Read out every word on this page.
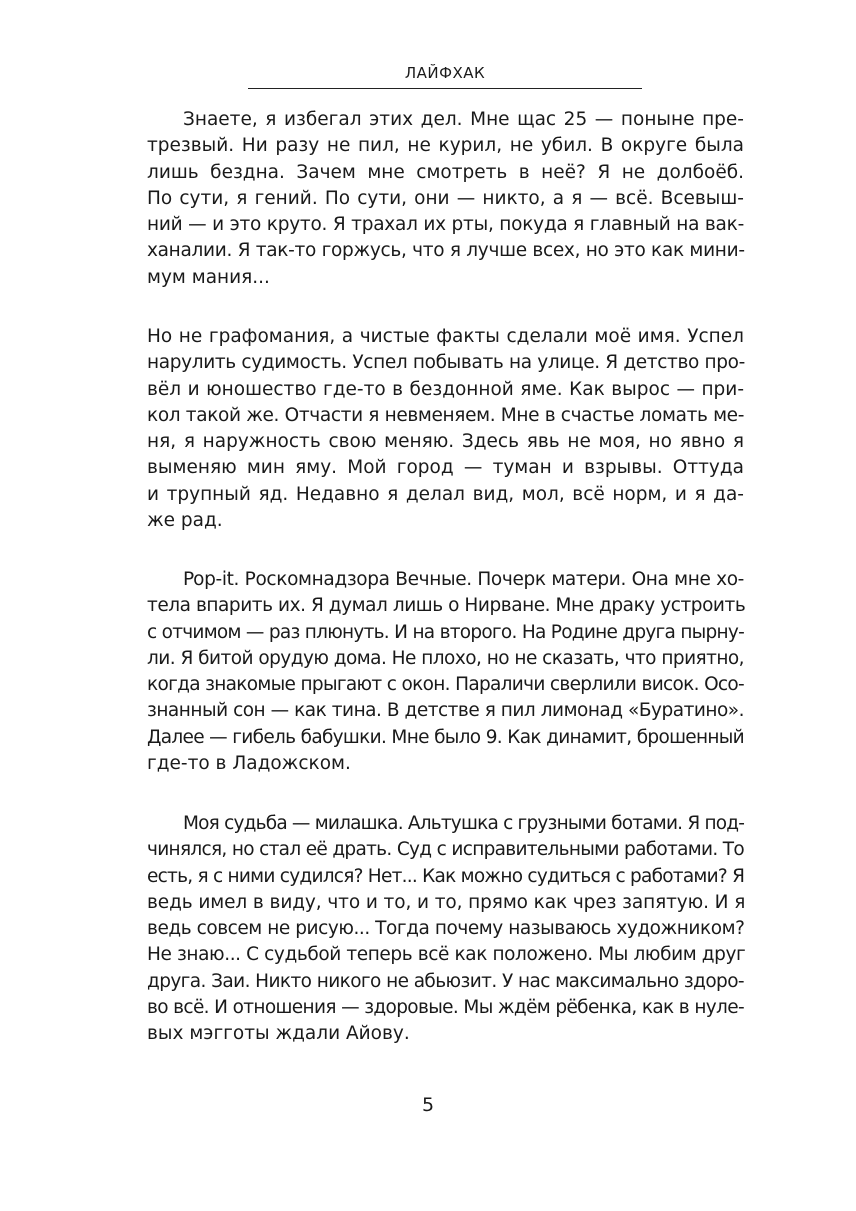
ЛАЙФХАК
Знаете, я избегал этих дел. Мне щас 25 — поныне пре-
трезвый. Ни разу не пил, не курил, не убил. В округе была
лишь бездна. Зачем мне смотреть в неё? Я не долбоёб.
По сути, я гений. По сути, они — никто, а я — всё. Всевыш-
ний — и это круто. Я трахал их рты, покуда я главный на вак-
ханалии. Я так-то горжусь, что я лучше всех, но это как мини-
мум мания...
Но не графомания, а чистые факты сделали моё имя. Успел
нарулить судимость. Успел побывать на улице. Я детство про-
вёл и юношество где-то в бездонной яме. Как вырос — при-
кол такой же. Отчасти я невменяем. Мне в счастье ломать ме-
ня, я наружность свою меняю. Здесь явь не моя, но явно я
выменяю мин яму. Мой город — туман и взрывы. Оттуда
и трупный яд. Недавно я делал вид, мол, всё норм, и я да-
же рад.
Pop-it. Роскомнадзора Вечные. Почерк матери. Она мне хо-
тела впарить их. Я думал лишь о Нирване. Мне драку устроить
с отчимом — раз плюнуть. И на второго. На Родине друга пырну-
ли. Я битой орудую дома. Не плохо, но не сказать, что приятно,
когда знакомые прыгают с окон. Параличи сверлили висок. Осо-
знанный сон — как тина. В детстве я пил лимонад «Буратино».
Далее — гибель бабушки. Мне было 9. Как динамит, брошенный
где-то в Ладожском.
Моя судьба — милашка. Альтушка с грузными ботами. Я под-
чинялся, но стал её драть. Суд с исправительными работами. То
есть, я с ними судился? Нет... Как можно судиться с работами? Я
ведь имел в виду, что и то, и то, прямо как чрез запятую. И я
ведь совсем не рисую... Тогда почему называюсь художником?
Не знаю... С судьбой теперь всё как положено. Мы любим друг
друга. Заи. Никто никого не абьюзит. У нас максимально здоро-
во всё. И отношения — здоровые. Мы ждём рёбенка, как в нуле-
вых мэгготы ждали Айову.
5
